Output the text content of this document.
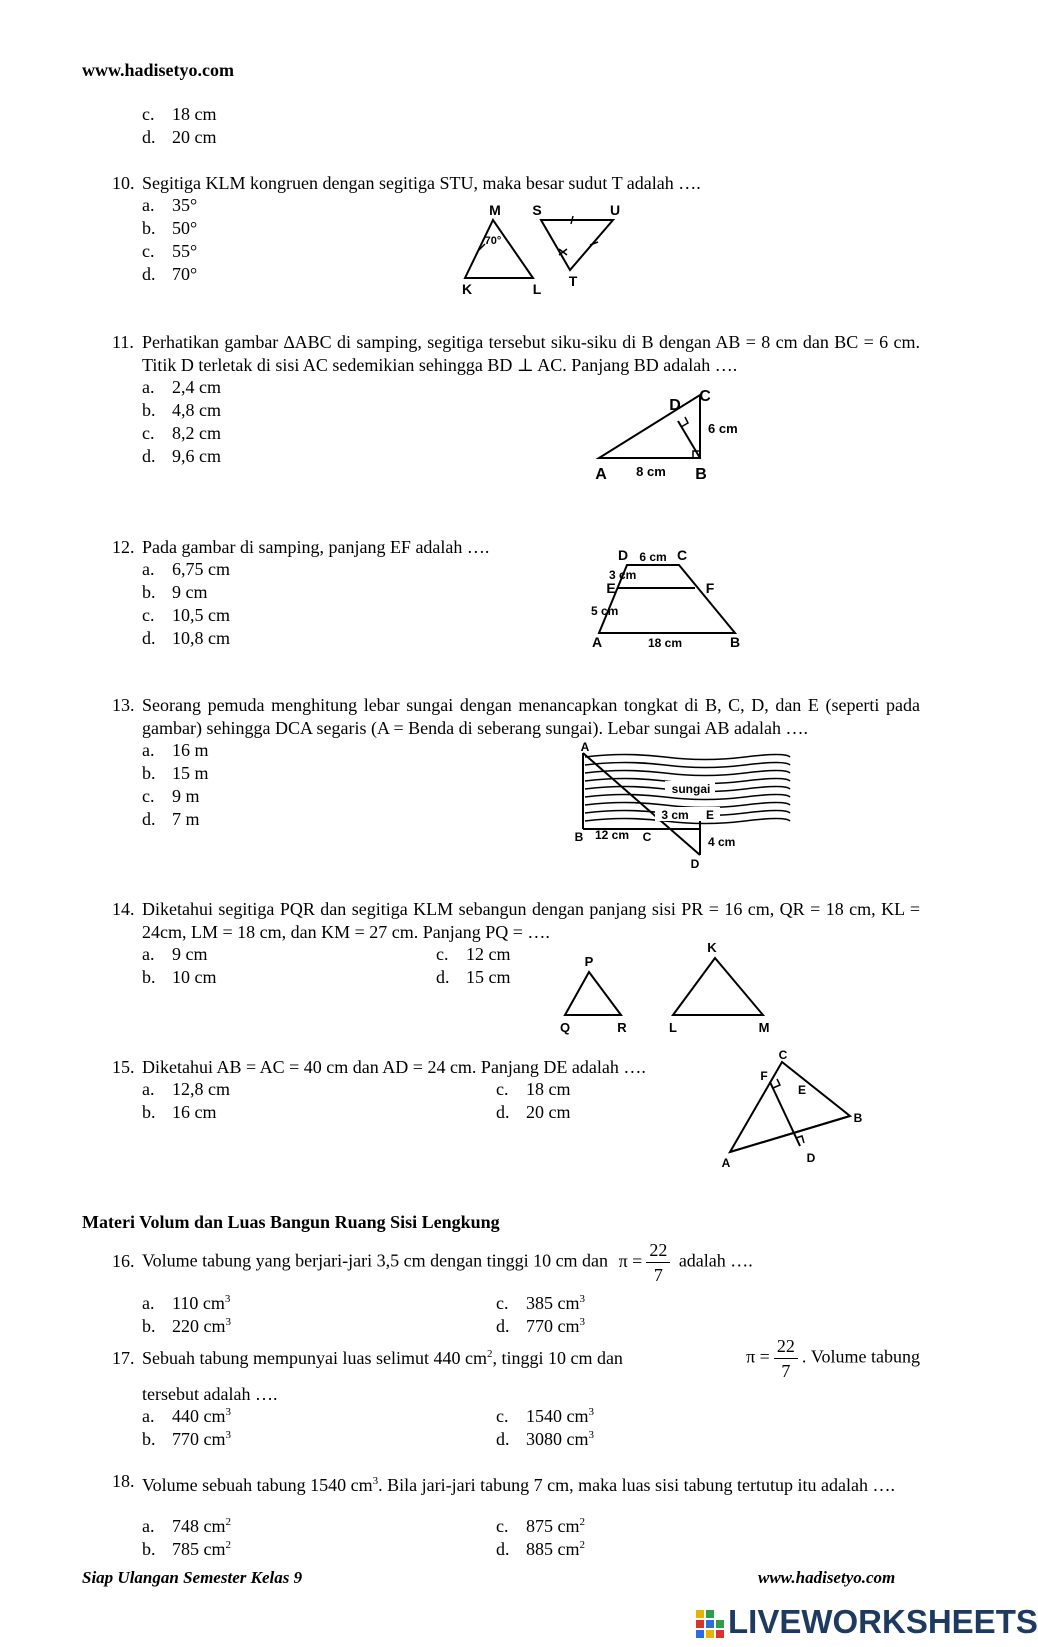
www.hadisetyo.com
c. 18 cm
d. 20 cm
10. Segitiga KLM kongruen dengan segitiga STU, maka besar sudut T adalah ….
a. 35°
b. 50°
c. 55°
d. 70°
70°
M S	U
K	L T
11. Perhatikan gambar ∆ABC di samping, segitiga tersebut siku-siku di B dengan AB = 8 cm dan BC = 6 cm. Titik D terletak di sisi AC sedemikian sehingga BD ⊥ AC. Panjang BD adalah ….
a. 2,4 cm
b. 4,8 cm
c. 8,2 cm
d. 9,6 cm
A	B
C
D
8 cm
6 cm
12. Pada gambar di samping, panjang EF adalah ….
a. 6,75 cm
b. 9 cm
c. 10,5 cm
d. 10,8 cm
D	C
6 cm
E	F
3 cm
5 cm
A	B
18 cm
13. Seorang pemuda menghitung lebar sungai dengan menancapkan tongkat di B, C, D, dan E (seperti pada gambar) sehingga DCA segaris (A = Benda di seberang sungai). Lebar sungai AB adalah ….
a. 16 m
b. 15 m
c. 9 m
d. 7 m
A
sungai
3 cm E
B 12 cm C	4 cm
D
14. Diketahui segitiga PQR dan segitiga KLM sebangun dengan panjang sisi PR = 16 cm, QR = 18 cm, KL = 24cm, LM = 18 cm, dan KM = 27 cm. Panjang PQ = ….
a. 9 cm
b. 10 cm
c. 12 cm
d. 15 cm
P
Q	R
K
L	M
15. Diketahui AB = AC = 40 cm dan AD = 24 cm. Panjang DE adalah ….
a. 12,8 cm
b. 16 cm
c. 18 cm
d. 20 cm
C
F
E
B
D
A
Materi Volum dan Luas Bangun Ruang Sisi Lengkung
16. Volume tabung yang berjari-jari 3,5 cm dengan tinggi 10 cm dan $\pi = \frac{22}{7}$ adalah ….
a. 110 $cm^3$
b. 220 $cm^3$
c. 385 $cm^3$
d. 770 $cm^3$
17. Sebuah tabung mempunyai luas selimut 440 $cm^2$, tinggi 10 cm dan	$\pi = \frac{22}{7}$ . Volume tabung
tersebut adalah ….
a. 440 $cm^3$
b. 770 $cm^3$
c. 1540 $cm^3$
d. 3080 $cm^3$
18. Volume sebuah tabung 1540 $cm^3$. Bila jari-jari tabung 7 cm, maka luas sisi tabung tertutup itu adalah ….
a. 748 $cm^2$
b. 785 $cm^2$
c. 875 $cm^2$
d. 885 $cm^2$
Siap Ulangan Semester Kelas 9	www.hadisetyo.com
LIVEWORKSHEETS
